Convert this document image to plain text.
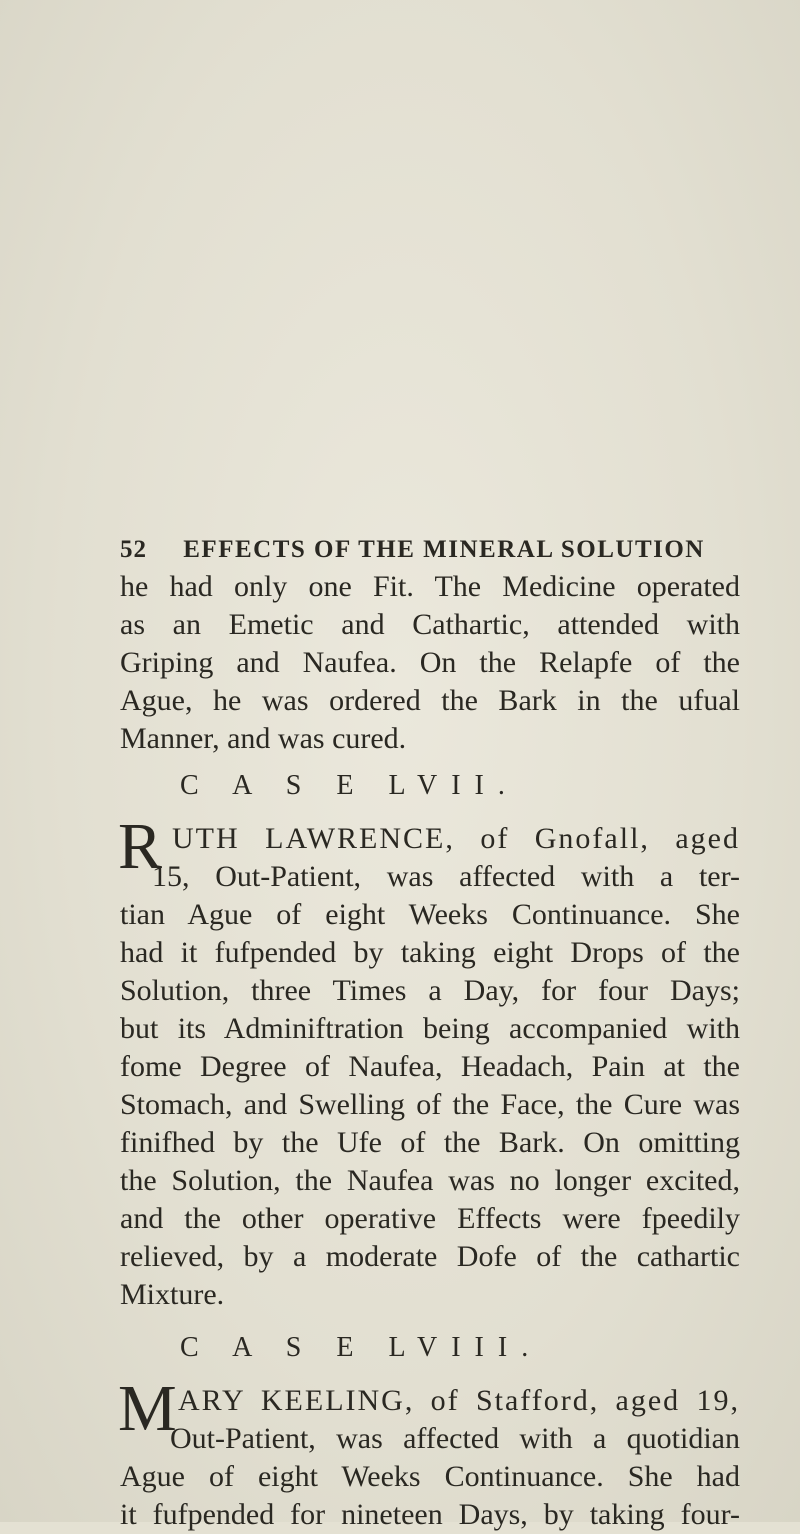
52 EFFECTS OF THE MINERAL SOLUTION
he had only one Fit. The Medicine operated
as an Emetic and Cathartic, attended with
Griping and Naufea. On the Relapfe of the
Ague, he was ordered the Bark in the ufual
Manner, and was cured.
C A S E LVII.
R UTH LAWRENCE, of Gnofall, aged
15, Out-Patient, was affected with a ter-
tian Ague of eight Weeks Continuance. She
had it fufpended by taking eight Drops of the
Solution, three Times a Day, for four Days;
but its Adminiftration being accompanied with
fome Degree of Naufea, Headach, Pain at the
Stomach, and Swelling of the Face, the Cure was
finifhed by the Ufe of the Bark. On omitting
the Solution, the Naufea was no longer excited,
and the other operative Effects were fpeedily
relieved, by a moderate Dofe of the cathartic
Mixture.
C A S E LVIII.
M ARY KEELING, of Stafford, aged 19,
Out-Patient, was affected with a quotidian
Ague of eight Weeks Continuance. She had
it fufpended for nineteen Days, by taking four-
